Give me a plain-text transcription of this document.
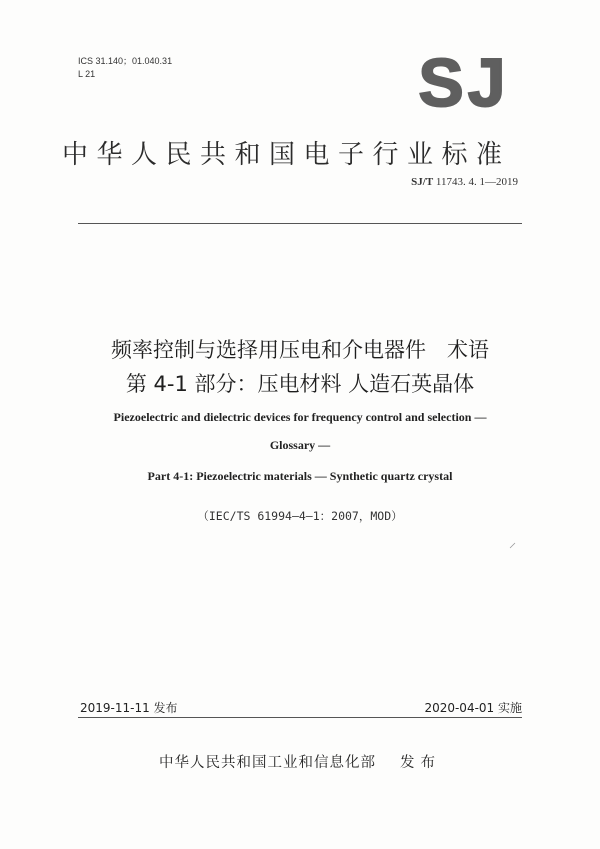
ICS 31.140；01.040.31
L 21	SJ
中华人民共和国电子行业标准
SJ/T 11743. 4. 1—2019
频率控制与选择用压电和介电器件　术语
第 4-1 部分：压电材料 人造石英晶体
Piezoelectric and dielectric devices for frequency control and selection —
Glossary —
Part 4-1: Piezoelectric materials — Synthetic quartz crystal
（IEC/TS 61994—4—1：2007，MOD）
2019-11-11 发布	2020-04-01 实施
中华人民共和国工业和信息化部 发布
